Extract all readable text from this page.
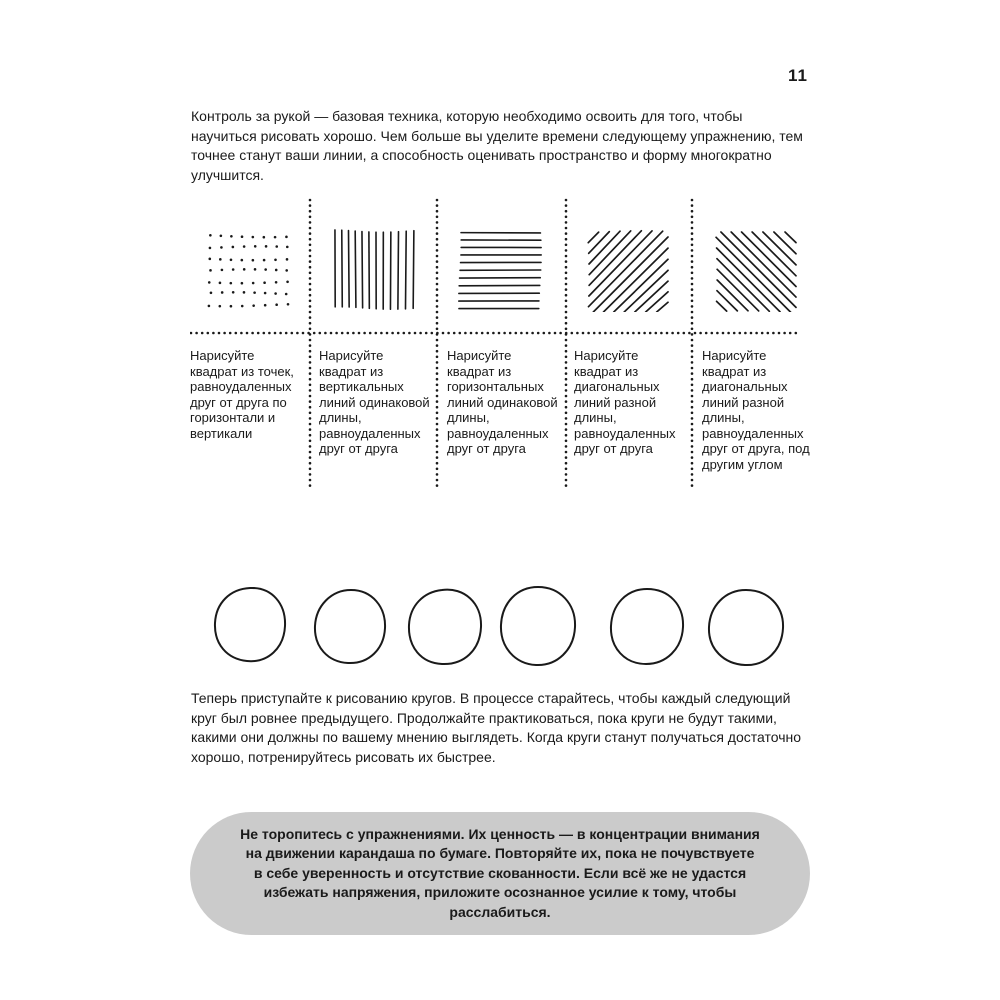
11

Контроль за рукой — базовая техника, которую необходимо освоить для того, чтобы научиться рисовать хорошо. Чем больше вы уделите времени следующему упражнению, тем точнее станут ваши линии, а способность оценивать пространство и форму многократно улучшится.

Нарисуйте квадрат из точек, равноудаленных друг от друга по горизонтали и вертикали

Нарисуйте квадрат из вертикальных линий одинаковой длины, равноудаленных друг от друга

Нарисуйте квадрат из горизонтальных линий одинаковой длины, равноудаленных друг от друга

Нарисуйте квадрат из диагональных линий разной длины, равноудаленных друг от друга

Нарисуйте квадрат из диагональных линий разной длины, равноудаленных друг от друга, под другим углом

Теперь приступайте к рисованию кругов. В процессе старайтесь, чтобы каждый следующий круг был ровнее предыдущего. Продолжайте практиковаться, пока круги не будут такими, какими они должны по вашему мнению выглядеть. Когда круги станут получаться достаточно хорошо, потренируйтесь рисовать их быстрее.

Не торопитесь с упражнениями. Их ценность — в концентрации внимания на движении карандаша по бумаге. Повторяйте их, пока не почувствуете в себе уверенность и отсутствие скованности. Если всё же не удастся избежать напряжения, приложите осознанное усилие к тому, чтобы расслабиться.
